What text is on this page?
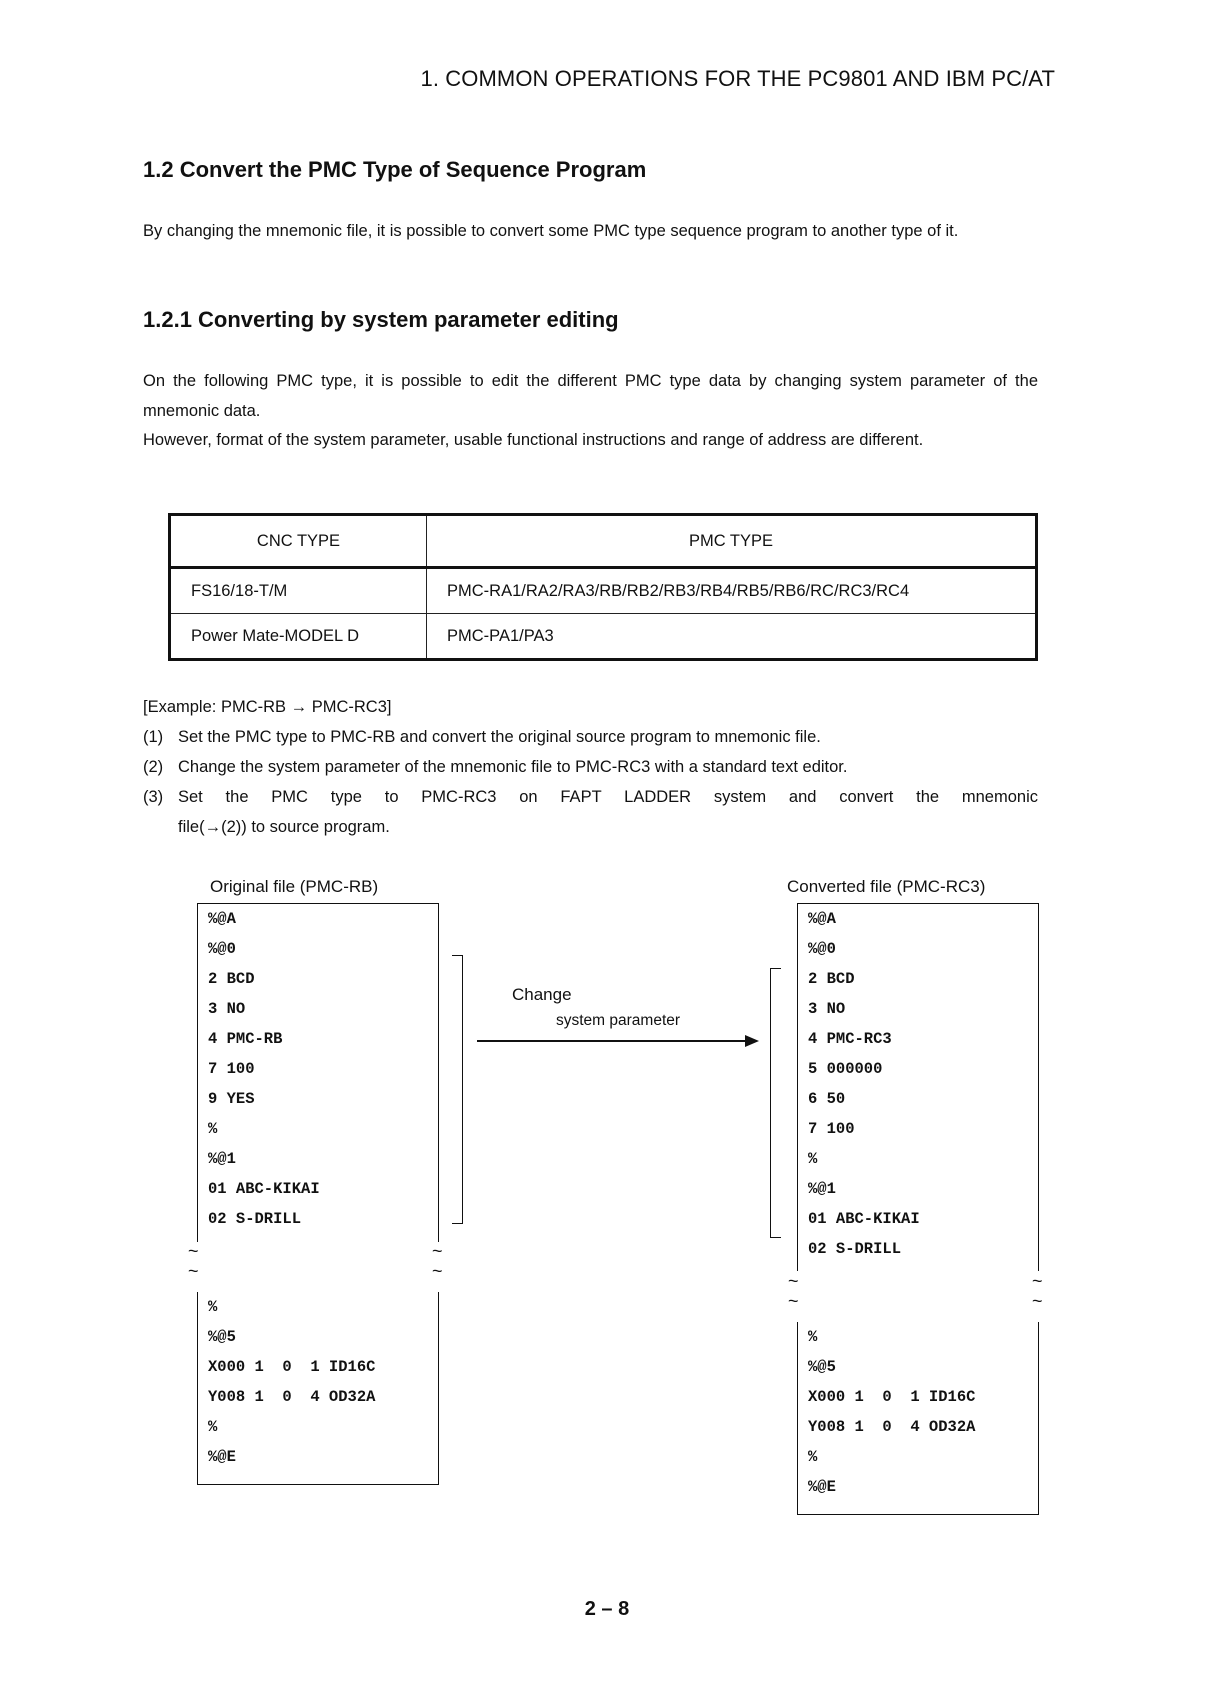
1. COMMON OPERATIONS FOR THE PC9801 AND IBM PC/AT
1.2 Convert the PMC Type of Sequence Program

By changing the mnemonic file, it is possible to convert some PMC type sequence program to another type of it.

1.2.1 Converting by system parameter editing

On the following PMC type, it is possible to edit the different PMC type data by changing system parameter of the mnemonic data.

However, format of the system parameter, usable functional instructions and range of address are different.

CNC TYPE	PMC TYPE
FS16/18-T/M	PMC-RA1/RA2/RA3/RB/RB2/RB3/RB4/RB5/RB6/RC/RC3/RC4
Power Mate-MODEL D	PMC-PA1/PA3
[Example: PMC-RB → PMC-RC3]
(1) Set the PMC type to PMC-RB and convert the original source program to mnemonic file.
(2) Change the system parameter of the mnemonic file to PMC-RC3 with a standard text editor.
(3) Set the PMC type to PMC-RC3 on FAPT LADDER system and convert the mnemonic
file(→(2)) to source program.
Original file (PMC-RB)	Converted file (PMC-RC3)
%@A
%@0
2 BCD
3 NO
4 PMC-RB
7 100
9 YES
%
%@1
01 ABC-KIKAI
02 S-DRILL
%
%@5
X000 1  0  1 ID16C
Y008 1  0  4 OD32A
%
%@E
%@A
%@0
2 BCD
3 NO
4 PMC-RC3
5 000000
6 50
7 100
%
%@1
01 ABC-KIKAI
02 S-DRILL
%
%@5
X000 1  0  1 ID16C
Y008 1  0  4 OD32A
%
%@E
~
~
~
~	~
~
~
~
Change
system parameter
2 – 8
